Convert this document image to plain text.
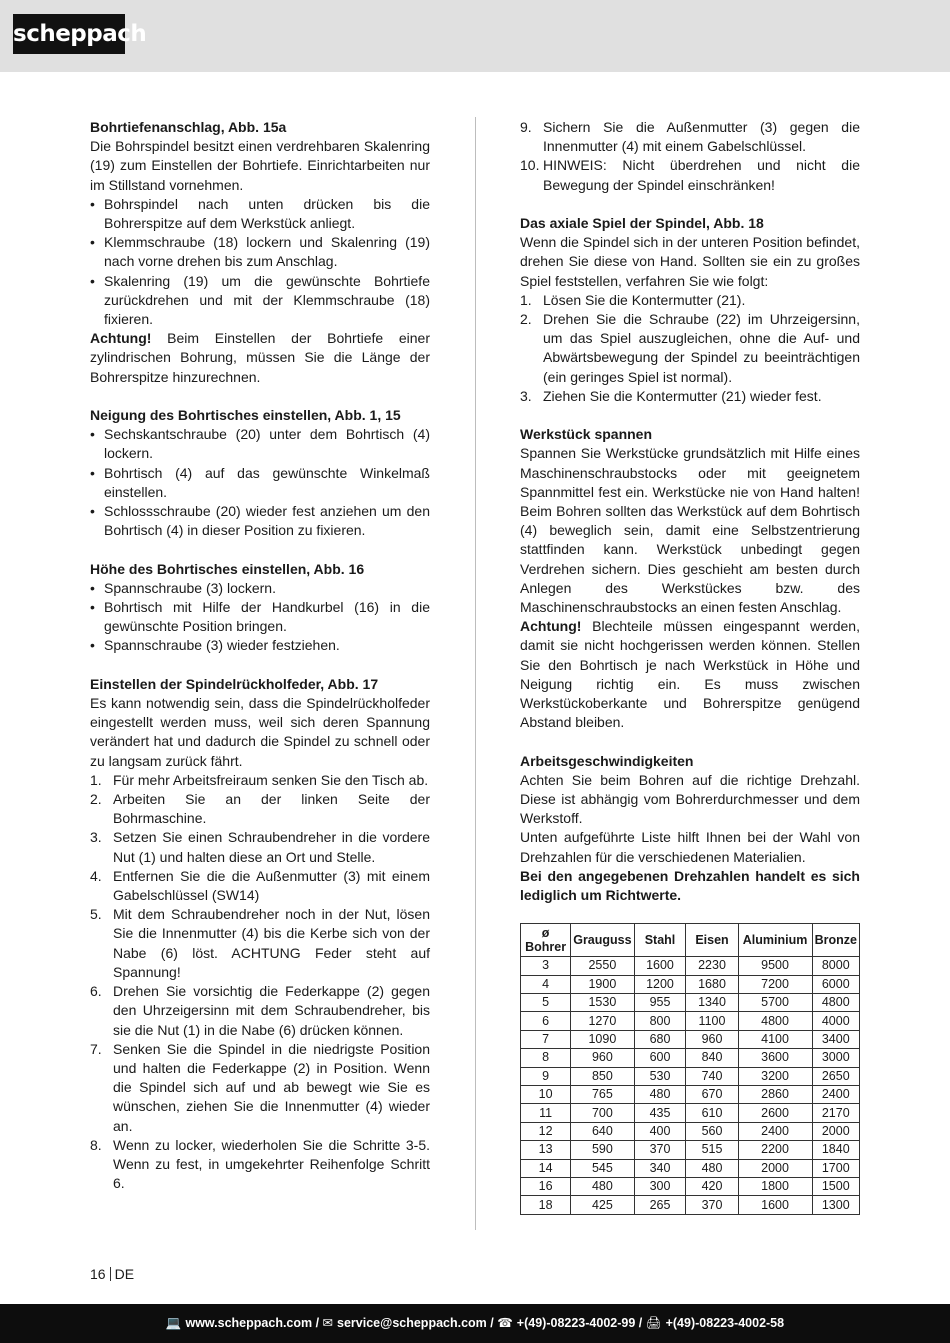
scheppach

Bohrtiefenanschlag, Abb. 15a

Die Bohrspindel besitzt einen verdrehbaren Skalenring (19) zum Einstellen der Bohrtiefe. Einrichtarbeiten nur im Stillstand vornehmen.

• Bohrspindel nach unten drücken bis die Bohrerspitze auf dem Werkstück anliegt.
• Klemmschraube (18) lockern und Skalenring (19) nach vorne drehen bis zum Anschlag.
• Skalenring (19) um die gewünschte Bohrtiefe zurückdrehen und mit der Klemmschraube (18) fixieren.

Achtung! Beim Einstellen der Bohrtiefe einer zylindrischen Bohrung, müssen Sie die Länge der Bohrerspitze hinzurechnen.

Neigung des Bohrtisches einstellen, Abb. 1, 15

• Sechskantschraube (20) unter dem Bohrtisch (4) lockern.
• Bohrtisch (4) auf das gewünschte Winkelmaß einstellen.
• Schlossschraube (20) wieder fest anziehen um den Bohrtisch (4) in dieser Position zu fixieren.

Höhe des Bohrtisches einstellen, Abb. 16

• Spannschraube (3) lockern.
• Bohrtisch mit Hilfe der Handkurbel (16) in die gewünschte Position bringen.
• Spannschraube (3) wieder festziehen.

Einstellen der Spindelrückholfeder, Abb. 17

Es kann notwendig sein, dass die Spindelrückholfeder eingestellt werden muss, weil sich deren Spannung verändert hat und dadurch die Spindel zu schnell oder zu langsam zurück fährt.

1. Für mehr Arbeitsfreiraum senken Sie den Tisch ab.
2. Arbeiten Sie an der linken Seite der Bohrmaschine.
3. Setzen Sie einen Schraubendreher in die vordere Nut (1) und halten diese an Ort und Stelle.
4. Entfernen Sie die die Außenmutter (3) mit einem Gabelschlüssel (SW14)
5. Mit dem Schraubendreher noch in der Nut, lösen Sie die Innenmutter (4) bis die Kerbe sich von der Nabe (6) löst. ACHTUNG Feder steht auf Spannung!
6. Drehen Sie vorsichtig die Federkappe (2) gegen den Uhrzeigersinn mit dem Schraubendreher, bis sie die Nut (1) in die Nabe (6) drücken können.
7. Senken Sie die Spindel in die niedrigste Position und halten die Federkappe (2) in Position. Wenn die Spindel sich auf und ab bewegt wie Sie es wünschen, ziehen Sie die Innenmutter (4) wieder an.
8. Wenn zu locker, wiederholen Sie die Schritte 3-5. Wenn zu fest, in umgekehrter Reihenfolge Schritt 6.
9. Sichern Sie die Außenmutter (3) gegen die Innenmutter (4) mit einem Gabelschlüssel.
10. HINWEIS: Nicht überdrehen und nicht die Bewegung der Spindel einschränken!

Das axiale Spiel der Spindel, Abb. 18

Wenn die Spindel sich in der unteren Position befindet, drehen Sie diese von Hand. Sollten sie ein zu großes Spiel feststellen, verfahren Sie wie folgt:

1. Lösen Sie die Kontermutter (21).
2. Drehen Sie die Schraube (22) im Uhrzeigersinn, um das Spiel auszugleichen, ohne die Auf- und Abwärtsbewegung der Spindel zu beeinträchtigen (ein geringes Spiel ist normal).
3. Ziehen Sie die Kontermutter (21) wieder fest.

Werkstück spannen

Spannen Sie Werkstücke grundsätzlich mit Hilfe eines Maschinenschraubstocks oder mit geeignetem Spannmittel fest ein. Werkstücke nie von Hand halten! Beim Bohren sollten das Werkstück auf dem Bohrtisch (4) beweglich sein, damit eine Selbstzentrierung stattfinden kann. Werkstück unbedingt gegen Verdrehen sichern. Dies geschieht am besten durch Anlegen des Werkstückes bzw. des Maschinenschraubstocks an einen festen Anschlag.

Achtung! Blechteile müssen eingespannt werden, damit sie nicht hochgerissen werden können. Stellen Sie den Bohrtisch je nach Werkstück in Höhe und Neigung richtig ein. Es muss zwischen Werkstückoberkante und Bohrerspitze genügend Abstand bleiben.

Arbeitsgeschwindigkeiten

Achten Sie beim Bohren auf die richtige Drehzahl. Diese ist abhängig vom Bohrerdurchmesser und dem Werkstoff.

Unten aufgeführte Liste hilft Ihnen bei der Wahl von Drehzahlen für die verschiedenen Materialien.

Bei den angegebenen Drehzahlen handelt es sich lediglich um Richtwerte.

ø Bohrer	Grauguss	Stahl	Eisen	Aluminium	Bronze
3	2550	1600	2230	9500	8000
4	1900	1200	1680	7200	6000
5	1530	955	1340	5700	4800
6	1270	800	1100	4800	4000
7	1090	680	960	4100	3400
8	960	600	840	3600	3000
9	850	530	740	3200	2650
10	765	480	670	2860	2400
11	700	435	610	2600	2170
12	640	400	560	2400	2000
13	590	370	515	2200	1840
14	545	340	480	2000	1700
16	480	300	420	1800	1500
18	425	265	370	1600	1300
16 DE
💻 www.scheppach.com / ✉ service@scheppach.com / ☎ +(49)-08223-4002-99 / 🖨 +(49)-08223-4002-58
